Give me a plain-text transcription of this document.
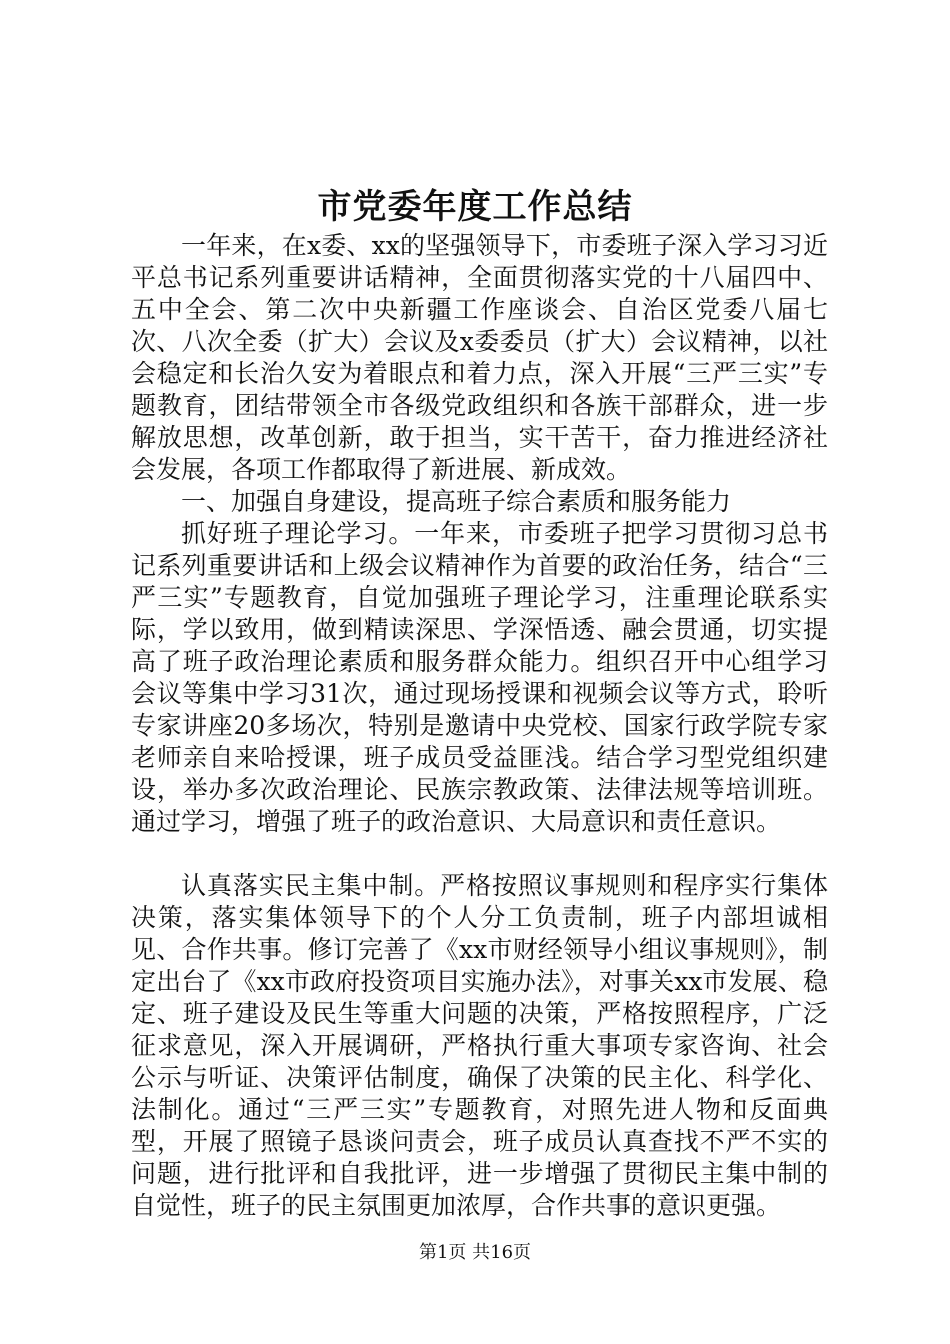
市党委年度工作总结

一年来，在x委、xx的坚强领导下，市委班子深入学习习近平总书记系列重要讲话精神，全面贯彻落实党的十八届四中、五中全会、第二次中央新疆工作座谈会、自治区党委八届七次、八次全委（扩大）会议及x委委员（扩大）会议精神，以社会稳定和长治久安为着眼点和着力点，深入开展“三严三实”专题教育，团结带领全市各级党政组织和各族干部群众，进一步解放思想，改革创新，敢于担当，实干苦干，奋力推进经济社会发展，各项工作都取得了新进展、新成效。

一、加强自身建设，提高班子综合素质和服务能力

抓好班子理论学习。一年来，市委班子把学习贯彻习总书记系列重要讲话和上级会议精神作为首要的政治任务，结合“三严三实”专题教育，自觉加强班子理论学习，注重理论联系实际，学以致用，做到精读深思、学深悟透、融会贯通，切实提高了班子政治理论素质和服务群众能力。组织召开中心组学习会议等集中学习31次，通过现场授课和视频会议等方式，聆听专家讲座20多场次，特别是邀请中央党校、国家行政学院专家老师亲自来哈授课，班子成员受益匪浅。结合学习型党组织建设，举办多次政治理论、民族宗教政策、法律法规等培训班。通过学习，增强了班子的政治意识、大局意识和责任意识。

认真落实民主集中制。严格按照议事规则和程序实行集体决策，落实集体领导下的个人分工负责制，班子内部坦诚相见、合作共事。修订完善了《xx市财经领导小组议事规则》，制定出台了《xx市政府投资项目实施办法》，对事关xx市发展、稳定、班子建设及民生等重大问题的决策，严格按照程序，广泛征求意见，深入开展调研，严格执行重大事项专家咨询、社会公示与听证、决策评估制度，确保了决策的民主化、科学化、法制化。通过“三严三实”专题教育，对照先进人物和反面典型，开展了照镜子恳谈问责会，班子成员认真查找不严不实的问题，进行批评和自我批评，进一步增强了贯彻民主集中制的自觉性，班子的民主氛围更加浓厚，合作共事的意识更强。

第1页 共16页
